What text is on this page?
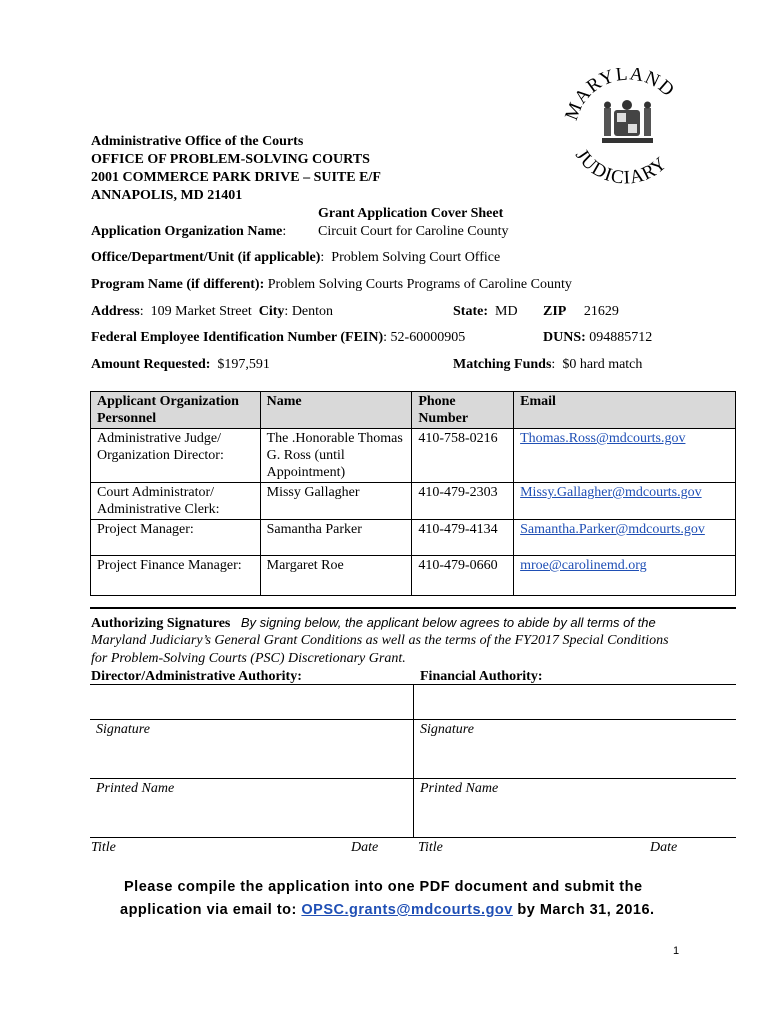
MARYLAND
JUDICIARY
Administrative Office of the Courts
OFFICE OF PROBLEM-SOLVING COURTS
2001 COMMERCE PARK DRIVE – SUITE E/F
ANNAPOLIS, MD 21401
Grant Application Cover Sheet
Application Organization Name: Circuit Court for Caroline County
Office/Department/Unit (if applicable):  Problem Solving Court Office
Program Name (if different): Problem Solving Courts Programs of Caroline County
Address:  109 Market Street City: Denton	State: MD ZIP 21629
Federal Employee Identification Number (FEIN): 52-60000905	DUNS: 094885712
Amount Requested: $197,591	Matching Funds:  $0 hard match
Applicant Organization Personnel	Name	Phone Number	Email
Administrative Judge/ Organization Director:	The .Honorable Thomas G. Ross (until Appointment)	410-758-0216	Thomas.Ross@mdcourts.gov
Court Administrator/ Administrative Clerk:	Missy Gallagher	410-479-2303	Missy.Gallagher@mdcourts.gov
Project Manager:	Samantha Parker	410-479-4134	Samantha.Parker@mdcourts.gov
Project Finance Manager:	Margaret Roe	410-479-0660	mroe@carolinemd.org
Authorizing Signatures By signing below, the applicant below agrees to abide by all terms of the
Maryland Judiciary’s General Grant Conditions as well as the terms of the FY2017 Special Conditions
for Problem-Solving Courts (PSC) Discretionary Grant.
Director/Administrative Authority:	Financial Authority:
Signature	Signature
Printed Name	Printed Name
Title	Date	Title	Date
Please compile the application into one PDF document and submit the
application via email to: OPSC.grants@mdcourts.gov by March 31, 2016.
1
